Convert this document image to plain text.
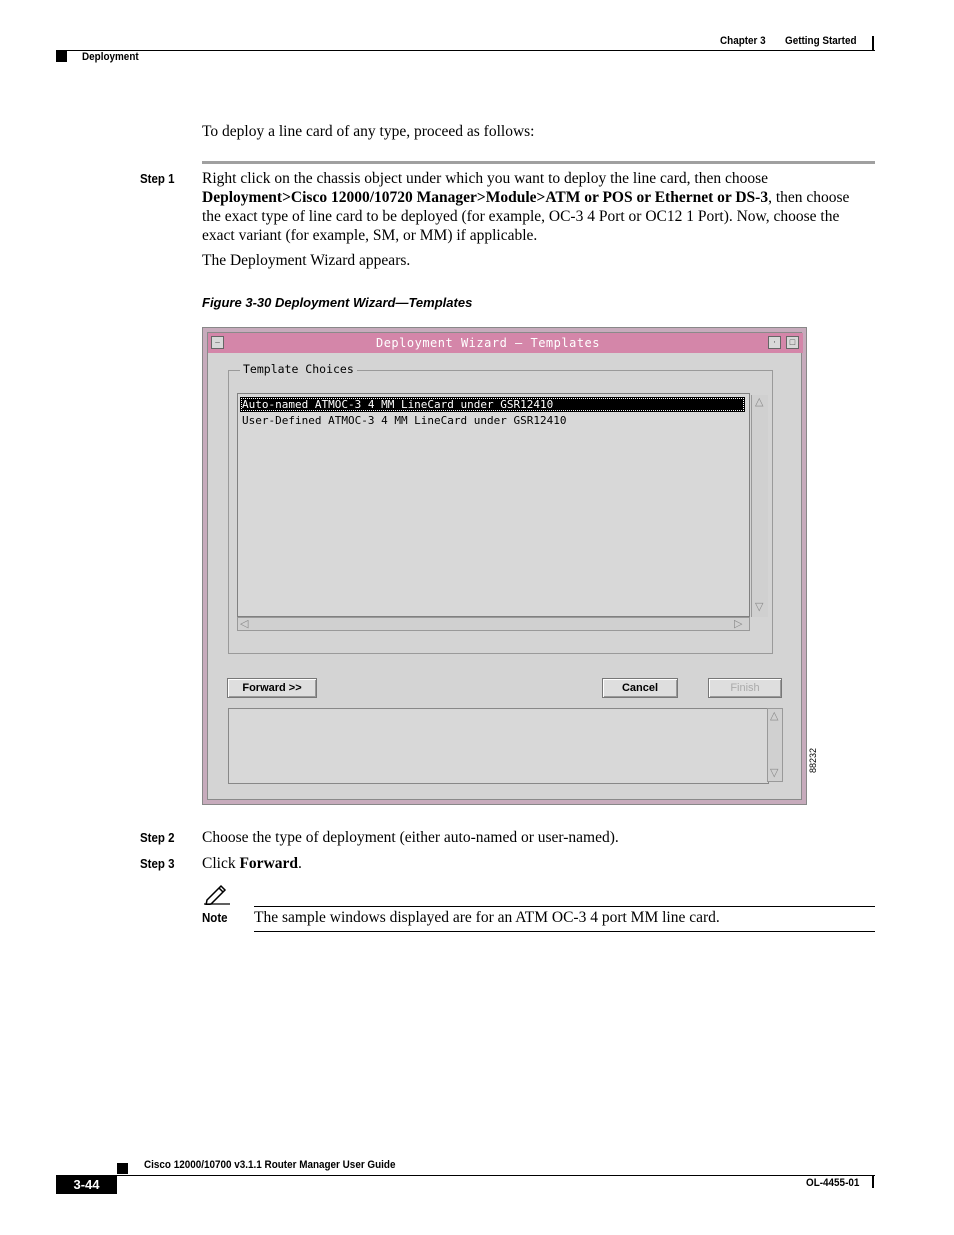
Chapter 3 Getting Started
Deployment
To deploy a line card of any type, proceed as follows:
Step 1 Right click on the chassis object under which you want to deploy the line card, then choose
Deployment>Cisco 12000/10720 Manager>Module>ATM or POS or Ethernet or DS-3, then choose
the exact type of line card to be deployed (for example, OC-3 4 Port or OC12 1 Port). Now, choose the
exact variant (for example, SM, or MM) if applicable.
The Deployment Wizard appears.
Figure 3-30 Deployment Wizard—Templates
–	Deployment Wizard — Templates	·	□
Template Choices
Auto-named ATMOC-3 4 MM LineCard under GSR12410
User-Defined ATMOC-3 4 MM LineCard under GSR12410
△
▽
◁	▷
Forward >>	Cancel	Finish
△
▽	88232
Step 2 Choose the type of deployment (either auto-named or user-named).
Step 3 Click Forward.
Note The sample windows displayed are for an ATM OC-3 4 port MM line card.
Cisco 12000/10700 v3.1.1 Router Manager User Guide
3-44	OL-4455-01
